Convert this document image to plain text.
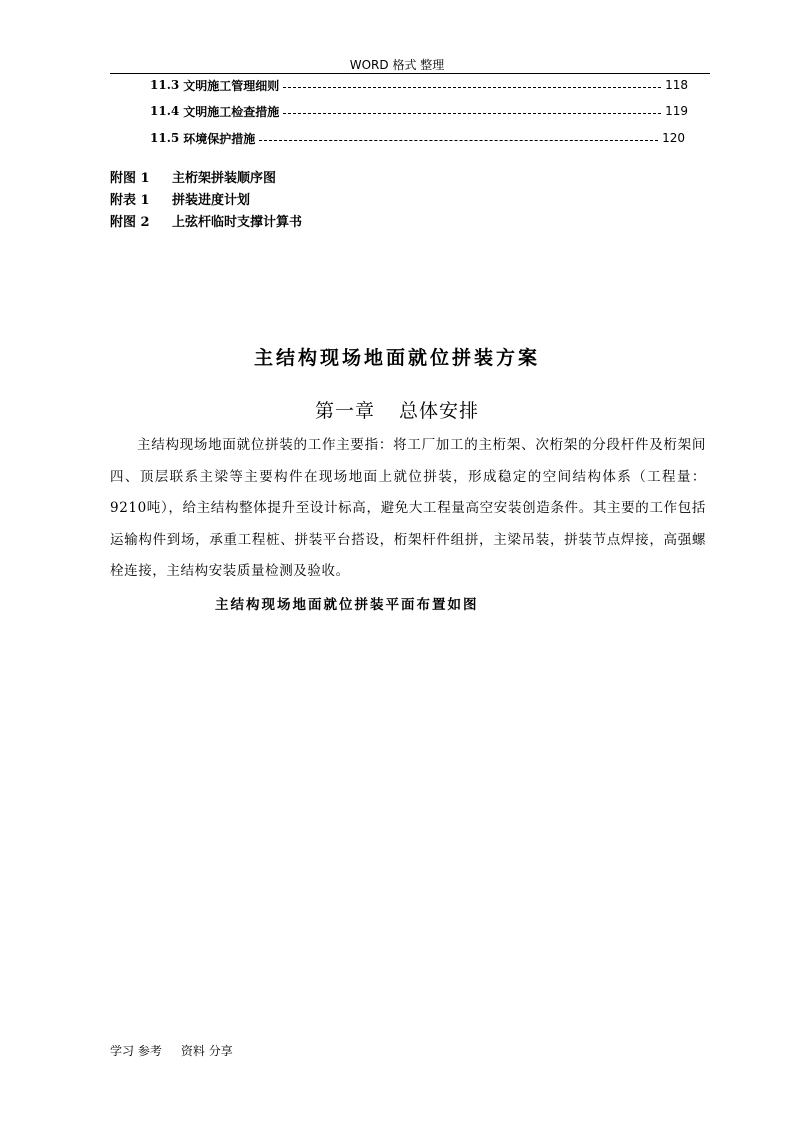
WORD 格式 整理
11.3 文明施工管理细则	118
11.4 文明施工检查措施	119
11.5 环境保护措施	120
附图 1 主桁架拼装顺序图
附表 1 拼装进度计划
附图 2 上弦杆临时支撑计算书
主结构现场地面就位拼装方案
第一章 总体安排

主结构现场地面就位拼装的工作主要指：将工厂加工的主桁架、次桁架的分段杆件及桁架间四、顶层联系主梁等主要构件在现场地面上就位拼装，形成稳定的空间结构体系（工程量：9210吨），给主结构整体提升至设计标高，避免大工程量高空安装创造条件。其主要的工作包括运输构件到场，承重工程桩、拼装平台搭设，桁架杆件组拼，主梁吊装，拼装节点焊接，高强螺栓连接，主结构安装质量检测及验收。

主结构现场地面就位拼装平面布置如图
学习 参考     资料 分享
